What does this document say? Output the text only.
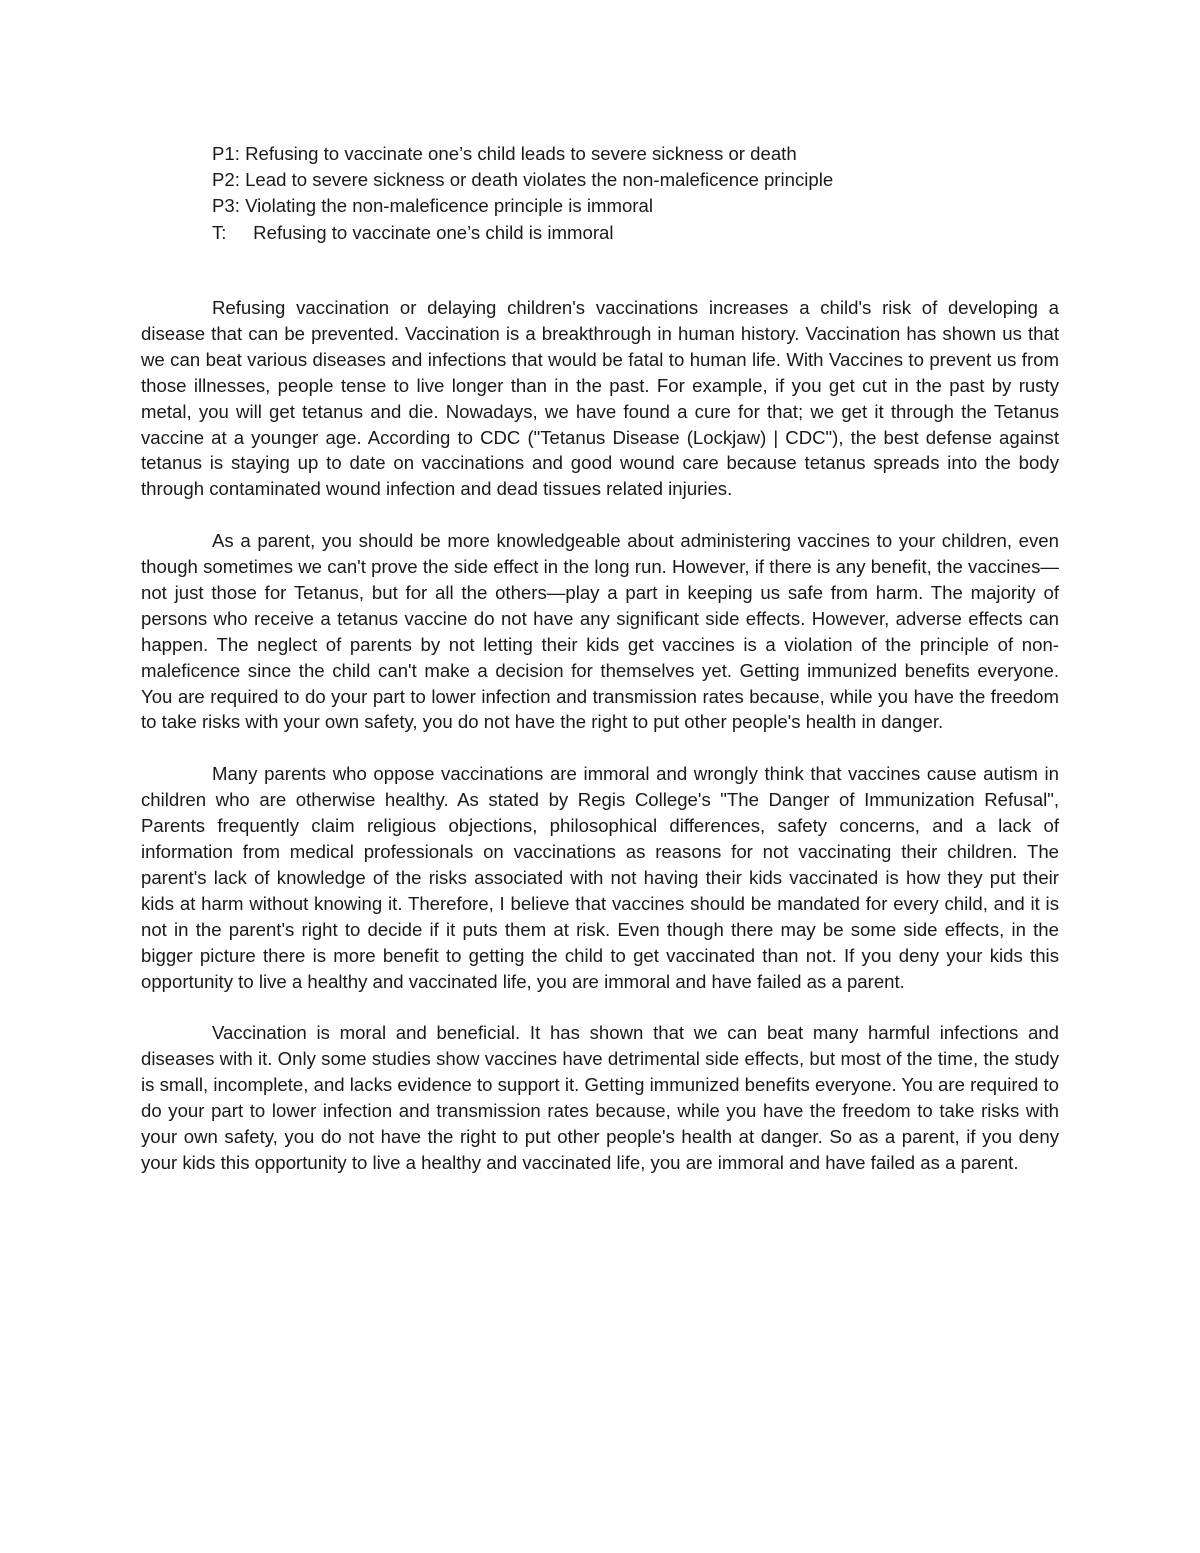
P1: Refusing to vaccinate one’s child leads to severe sickness or death
P2: Lead to severe sickness or death violates the non-maleficence principle
P3: Violating the non-maleficence principle is immoral
T: Refusing to vaccinate one’s child is immoral

Refusing vaccination or delaying children's vaccinations increases a child's risk of developing a disease that can be prevented. Vaccination is a breakthrough in human history. Vaccination has shown us that we can beat various diseases and infections that would be fatal to human life. With Vaccines to prevent us from those illnesses, people tense to live longer than in the past. For example, if you get cut in the past by rusty metal, you will get tetanus and die. Nowadays, we have found a cure for that; we get it through the Tetanus vaccine at a younger age. According to CDC ("Tetanus Disease (Lockjaw) | CDC"), the best defense against tetanus is staying up to date on vaccinations and good wound care because tetanus spreads into the body through contaminated wound infection and dead tissues related injuries.

As a parent, you should be more knowledgeable about administering vaccines to your children, even though sometimes we can't prove the side effect in the long run. However, if there is any benefit, the vaccines—not just those for Tetanus, but for all the others—play a part in keeping us safe from harm. The majority of persons who receive a tetanus vaccine do not have any significant side effects. However, adverse effects can happen. The neglect of parents by not letting their kids get vaccines is a violation of the principle of non-maleficence since the child can't make a decision for themselves yet. Getting immunized benefits everyone. You are required to do your part to lower infection and transmission rates because, while you have the freedom to take risks with your own safety, you do not have the right to put other people's health in danger.

Many parents who oppose vaccinations are immoral and wrongly think that vaccines cause autism in children who are otherwise healthy. As stated by Regis College's "The Danger of Immunization Refusal", Parents frequently claim religious objections, philosophical differences, safety concerns, and a lack of information from medical professionals on vaccinations as reasons for not vaccinating their children. The parent's lack of knowledge of the risks associated with not having their kids vaccinated is how they put their kids at harm without knowing it. Therefore, I believe that vaccines should be mandated for every child, and it is not in the parent's right to decide if it puts them at risk. Even though there may be some side effects, in the bigger picture there is more benefit to getting the child to get vaccinated than not. If you deny your kids this opportunity to live a healthy and vaccinated life, you are immoral and have failed as a parent.

Vaccination is moral and beneficial. It has shown that we can beat many harmful infections and diseases with it. Only some studies show vaccines have detrimental side effects, but most of the time, the study is small, incomplete, and lacks evidence to support it. Getting immunized benefits everyone. You are required to do your part to lower infection and transmission rates because, while you have the freedom to take risks with your own safety, you do not have the right to put other people's health at danger. So as a parent, if you deny your kids this opportunity to live a healthy and vaccinated life, you are immoral and have failed as a parent.
